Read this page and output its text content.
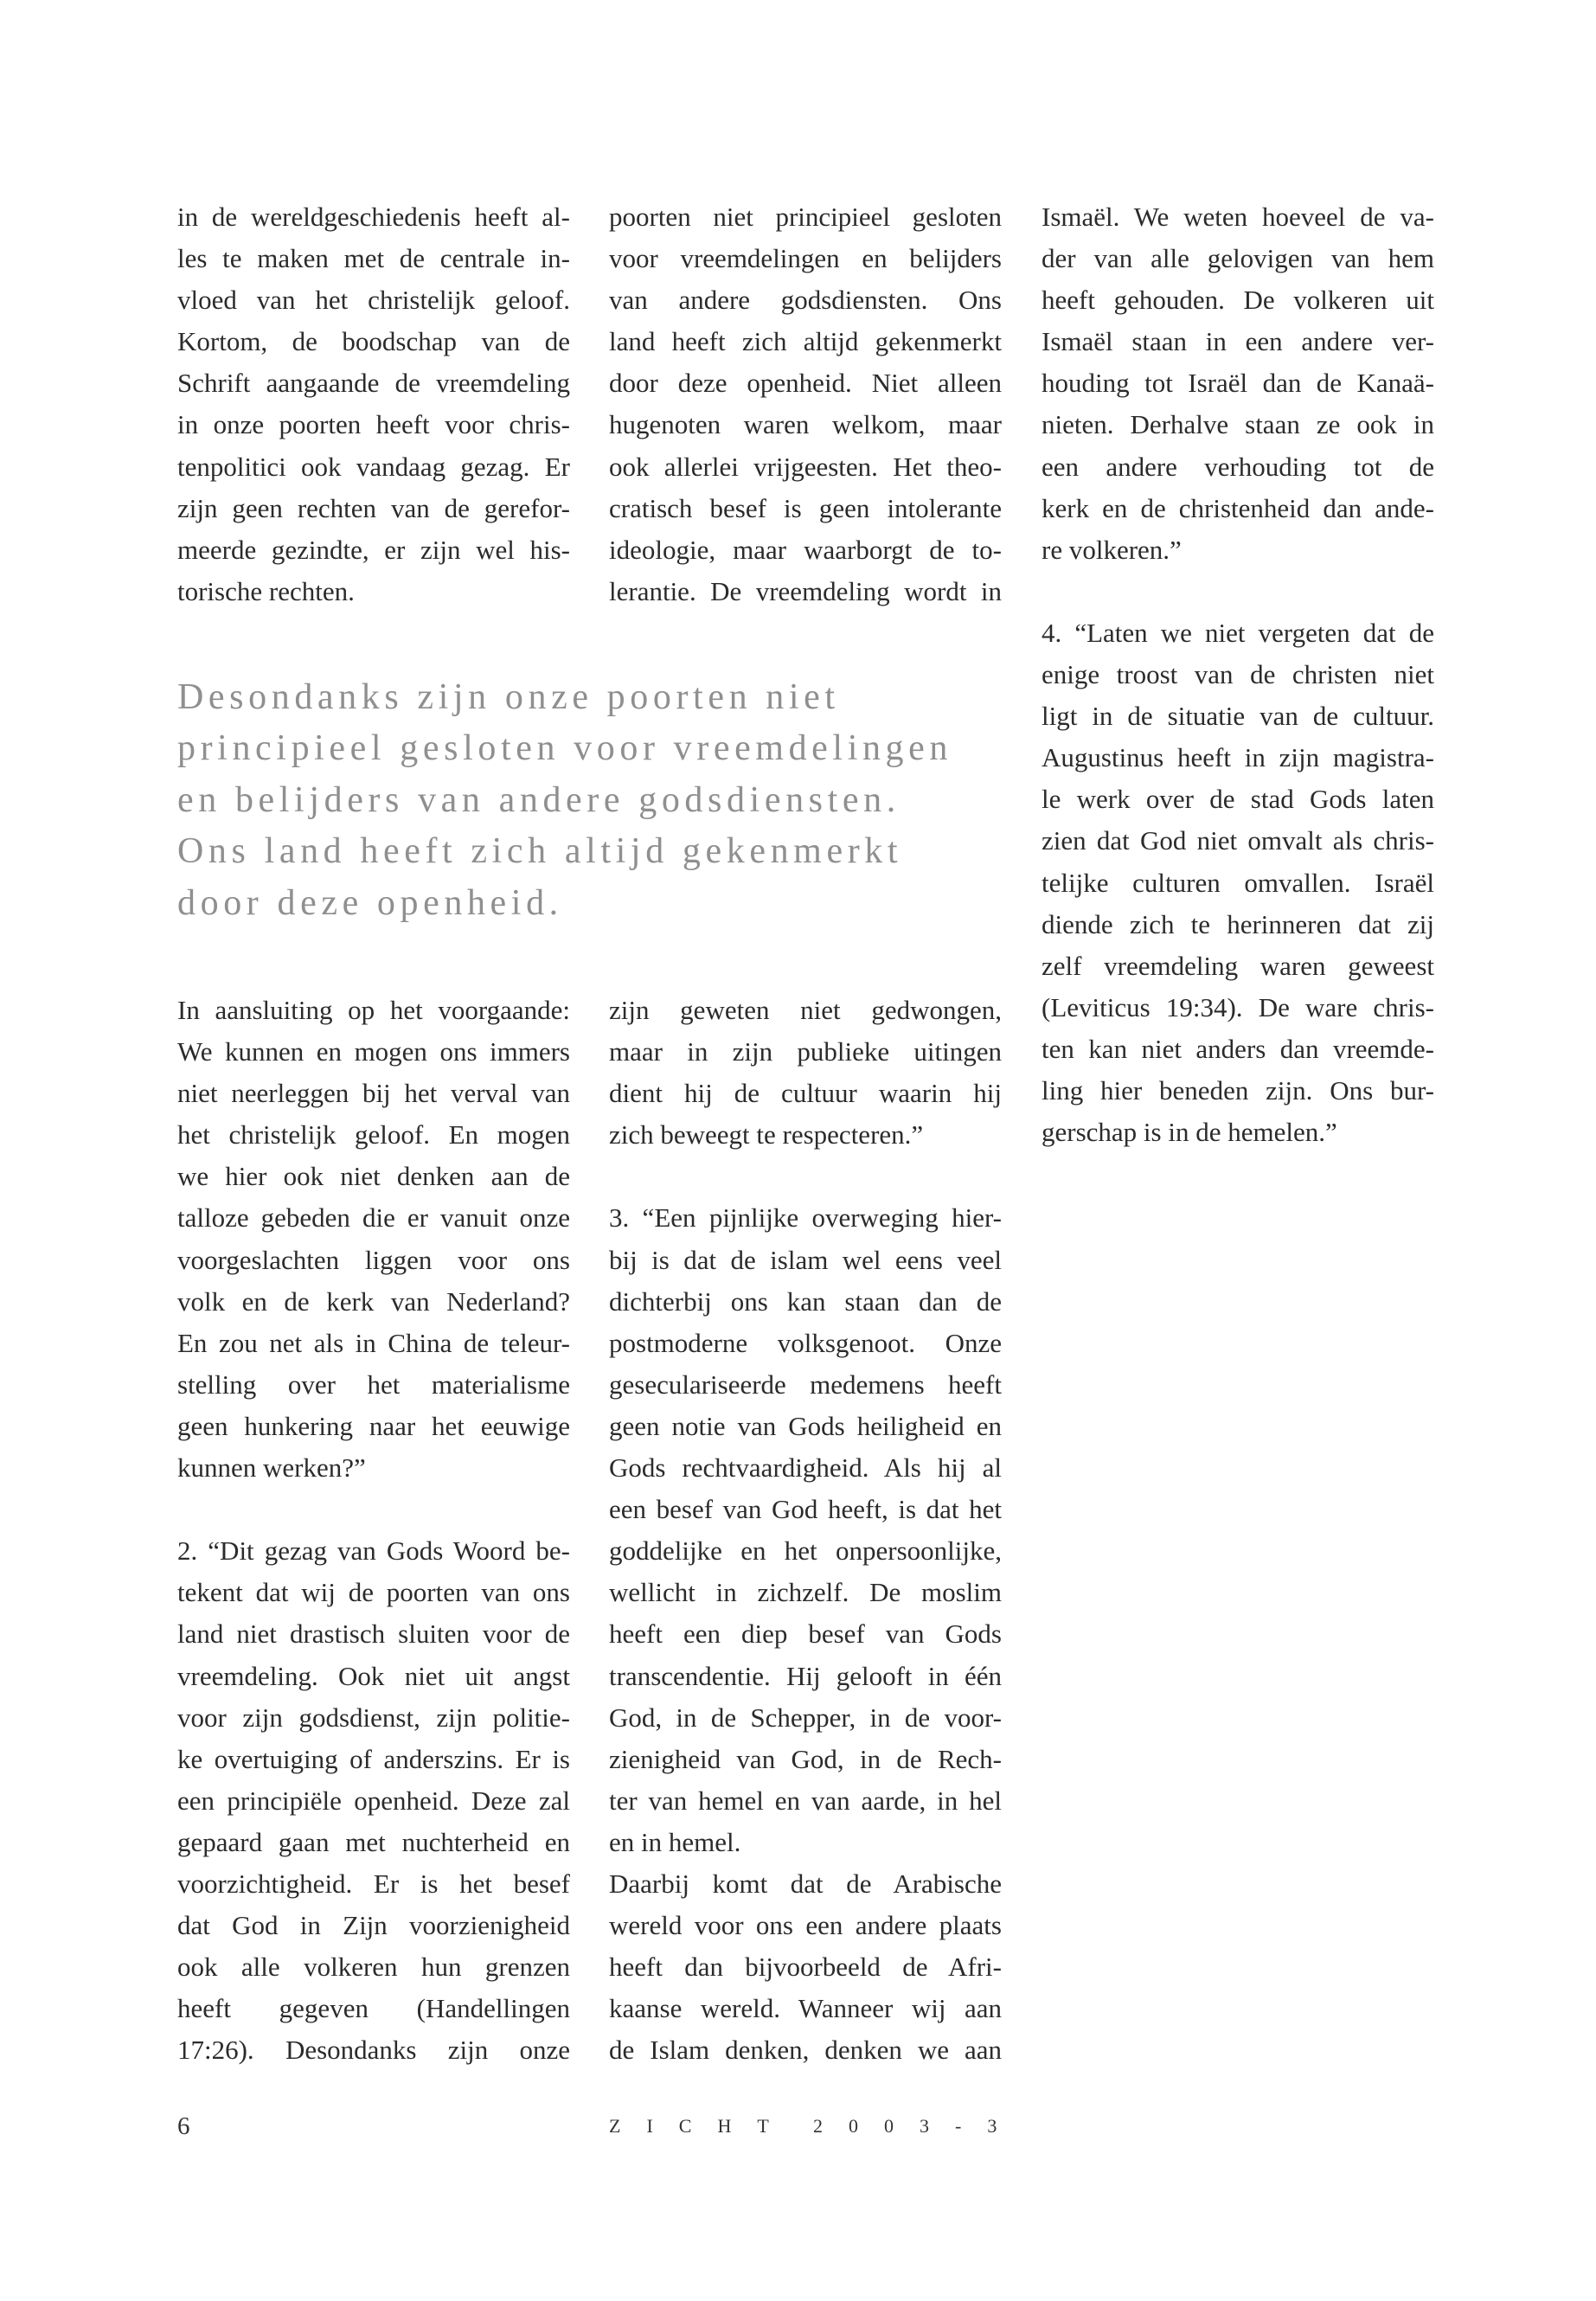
in de wereldgeschiedenis heeft al-
les te maken met de centrale in-
vloed van het christelijk geloof.
Kortom, de boodschap van de
Schrift aangaande de vreemdeling
in onze poorten heeft voor chris-
tenpolitici ook vandaag gezag. Er
zijn geen rechten van de gerefor-
meerde gezindte, er zijn wel his-
torische rechten.
poorten niet principieel gesloten
voor vreemdelingen en belijders
van andere godsdiensten. Ons
land heeft zich altijd gekenmerkt
door deze openheid. Niet alleen
hugenoten waren welkom, maar
ook allerlei vrijgeesten. Het theo-
cratisch besef is geen intolerante
ideologie, maar waarborgt de to-
lerantie. De vreemdeling wordt in
Ismaël. We weten hoeveel de va-
der van alle gelovigen van hem
heeft gehouden. De volkeren uit
Ismaël staan in een andere ver-
houding tot Israël dan de Kanaä-
nieten. Derhalve staan ze ook in
een andere verhouding tot de
kerk en de christenheid dan ande-
re volkeren.”
4. “Laten we niet vergeten dat de
enige troost van de christen niet
ligt in de situatie van de cultuur.
Augustinus heeft in zijn magistra-
le werk over de stad Gods laten
zien dat God niet omvalt als chris-
telijke culturen omvallen. Israël
diende zich te herinneren dat zij
zelf vreemdeling waren geweest
(Leviticus 19:34). De ware chris-
ten kan niet anders dan vreemde-
ling hier beneden zijn. Ons bur-
gerschap is in de hemelen.”
Desondanks zijn onze poorten niet
principieel gesloten voor vreemdelingen
en belijders van andere godsdiensten.
Ons land heeft zich altijd gekenmerkt
door deze openheid.
In aansluiting op het voorgaande:
We kunnen en mogen ons immers
niet neerleggen bij het verval van
het christelijk geloof. En mogen
we hier ook niet denken aan de
talloze gebeden die er vanuit onze
voorgeslachten liggen voor ons
volk en de kerk van Nederland?
En zou net als in China de teleur-
stelling over het materialisme
geen hunkering naar het eeuwige
kunnen werken?”
2. “Dit gezag van Gods Woord be-
tekent dat wij de poorten van ons
land niet drastisch sluiten voor de
vreemdeling. Ook niet uit angst
voor zijn godsdienst, zijn politie-
ke overtuiging of anderszins. Er is
een principiële openheid. Deze zal
gepaard gaan met nuchterheid en
voorzichtigheid. Er is het besef
dat God in Zijn voorzienigheid
ook alle volkeren hun grenzen
heeft gegeven (Handellingen
17:26). Desondanks zijn onze
zijn geweten niet gedwongen,
maar in zijn publieke uitingen
dient hij de cultuur waarin hij
zich beweegt te respecteren.”
3. “Een pijnlijke overweging hier-
bij is dat de islam wel eens veel
dichterbij ons kan staan dan de
postmoderne volksgenoot. Onze
geseculariseerde medemens heeft
geen notie van Gods heiligheid en
Gods rechtvaardigheid. Als hij al
een besef van God heeft, is dat het
goddelijke en het onpersoonlijke,
wellicht in zichzelf. De moslim
heeft een diep besef van Gods
transcendentie. Hij gelooft in één
God, in de Schepper, in de voor-
zienigheid van God, in de Rech-
ter van hemel en van aarde, in hel
en in hemel.
Daarbij komt dat de Arabische
wereld voor ons een andere plaats
heeft dan bijvoorbeeld de Afri-
kaanse wereld. Wanneer wij aan
de Islam denken, denken we aan
6	ZICHT 2003-3
